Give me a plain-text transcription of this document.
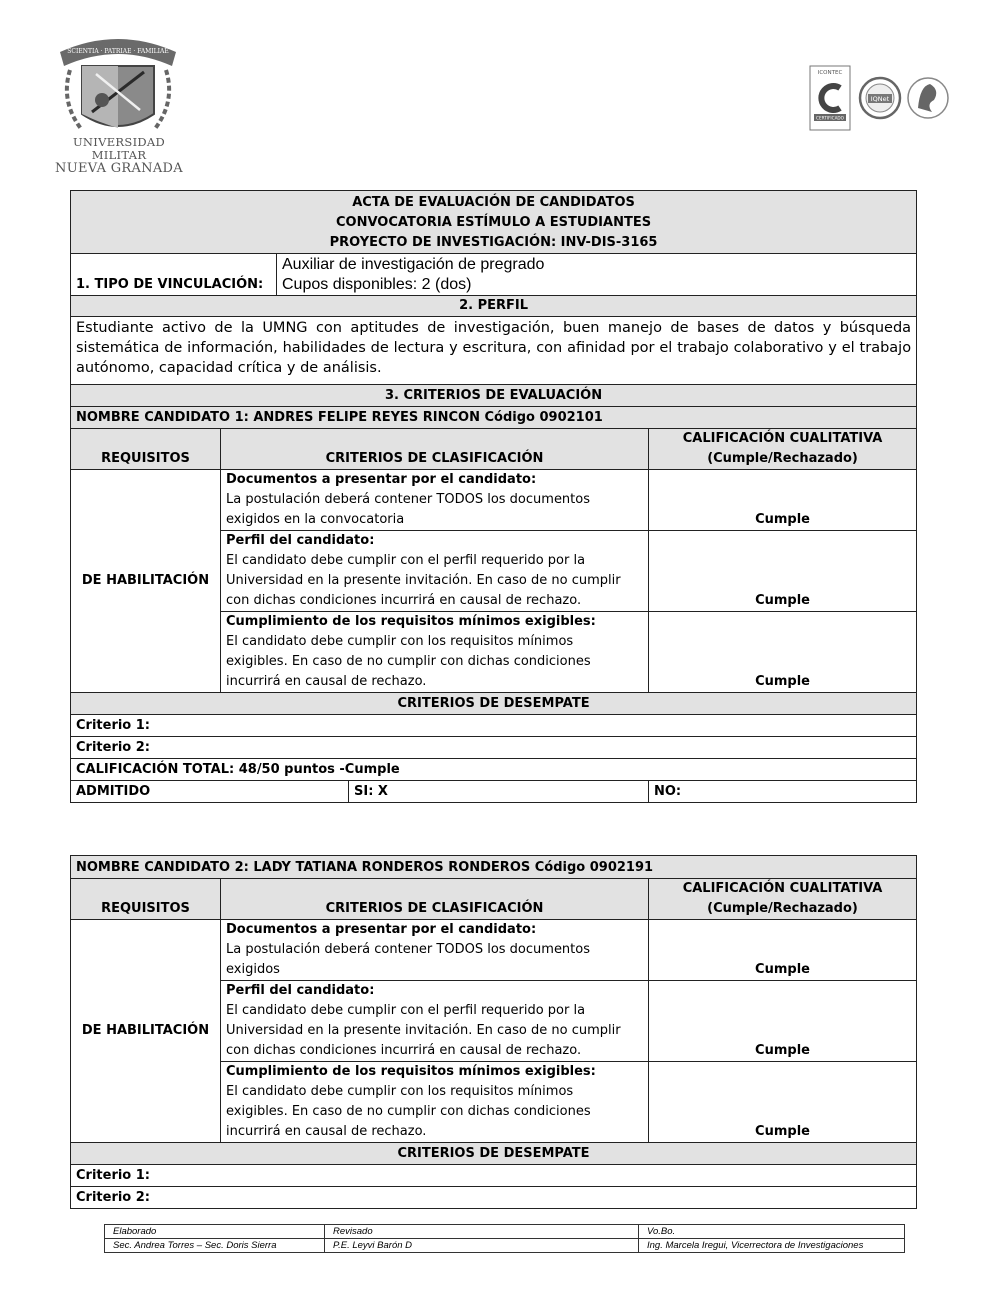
SCIENTIA · PATRIAE · FAMILIAE
UNIVERSIDAD MILITAR
NUEVA GRANADA
ICONTEC
CERTIFICADO
IQNet
ACTA DE EVALUACIÓN DE CANDIDATOS
CONVOCATORIA ESTÍMULO A ESTUDIANTES
PROYECTO DE INVESTIGACIÓN: INV-DIS-3165				

1. TIPO DE VINCULACIÓN:		Auxiliar de investigación de pregrado
Cupos disponibles: 2 (dos)		

2. PERFIL				
Estudiante activo de la UMNG con aptitudes de investigación, buen manejo de bases de datos y búsqueda sistemática de información, habilidades de lectura y escritura, con afinidad por el trabajo colaborativo y el trabajo autónomo, capacidad crítica y de análisis.				
3. CRITERIOS DE EVALUACIÓN				
NOMBRE CANDIDATO 1: ANDRES FELIPE REYES RINCON Código 0902101				
REQUISITOS	CRITERIOS DE CLASIFICACIÓN			CALIFICACIÓN CUALITATIVA
(Cumple/Rechazado)

DE HABILITACIÓN	Documentos a presentar por el candidato:
La postulación deberá contener TODOS los documentos
exigidos en la convocatoria			Cumple

	Perfil del candidato:
El candidato debe cumplir con el perfil requerido por la
Universidad en la presente invitación. En caso de no cumplir
con dichas condiciones incurrirá en causal de rechazo.			Cumple

	Cumplimiento de los requisitos mínimos exigibles:
El candidato debe cumplir con los requisitos mínimos
exigibles. En caso de no cumplir con dichas condiciones
incurrirá en causal de rechazo.			Cumple
CRITERIOS DE DESEMPATE				
Criterio 1:				
Criterio 2:				
CALIFICACIÓN TOTAL: 48/50 puntos -Cumple				
ADMITIDO			SI: X	NO:
NOMBRE CANDIDATO 2: LADY TATIANA RONDEROS RONDEROS Código 0902191		
REQUISITOS	CRITERIOS DE CLASIFICACIÓN	CALIFICACIÓN CUALITATIVA
(Cumple/Rechazado)

DE HABILITACIÓN	Documentos a presentar por el candidato:
La postulación deberá contener TODOS los documentos
exigidos	Cumple

	Perfil del candidato:
El candidato debe cumplir con el perfil requerido por la
Universidad en la presente invitación. En caso de no cumplir
con dichas condiciones incurrirá en causal de rechazo.	Cumple

	Cumplimiento de los requisitos mínimos exigibles:
El candidato debe cumplir con los requisitos mínimos
exigibles. En caso de no cumplir con dichas condiciones
incurrirá en causal de rechazo.	Cumple
CRITERIOS DE DESEMPATE		
Criterio 1:		
Criterio 2:		
Elaborado	Revisado	Vo.Bo.
Sec. Andrea Torres – Sec. Doris Sierra	P.E. Leyvi Barón D	Ing. Marcela Iregui, Vicerrectora de Investigaciones
